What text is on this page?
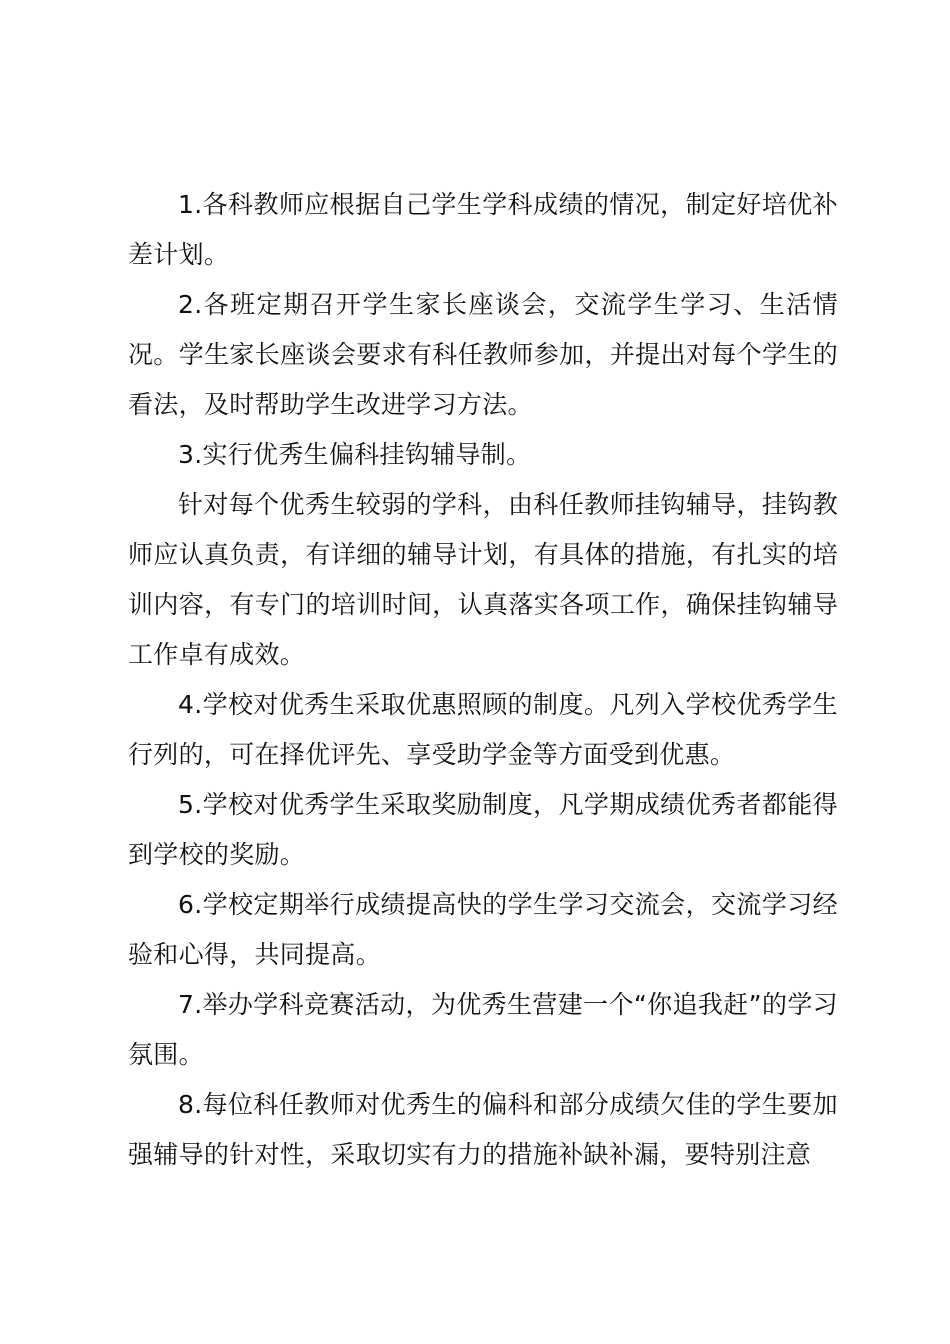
1.各科教师应根据自己学生学科成绩的情况，制定好培优补差计划。

2.各班定期召开学生家长座谈会，交流学生学习、生活情况。学生家长座谈会要求有科任教师参加，并提出对每个学生的看法，及时帮助学生改进学习方法。

3.实行优秀生偏科挂钩辅导制。

针对每个优秀生较弱的学科，由科任教师挂钩辅导，挂钩教师应认真负责，有详细的辅导计划，有具体的措施，有扎实的培训内容，有专门的培训时间，认真落实各项工作，确保挂钩辅导工作卓有成效。

4.学校对优秀生采取优惠照顾的制度。凡列入学校优秀学生行列的，可在择优评先、享受助学金等方面受到优惠。

5.学校对优秀学生采取奖励制度，凡学期成绩优秀者都能得到学校的奖励。

6.学校定期举行成绩提高快的学生学习交流会，交流学习经验和心得，共同提高。

7.举办学科竞赛活动，为优秀生营建一个“你追我赶”的学习氛围。

8.每位科任教师对优秀生的偏科和部分成绩欠佳的学生要加强辅导的针对性，采取切实有力的措施补缺补漏，要特别注意
